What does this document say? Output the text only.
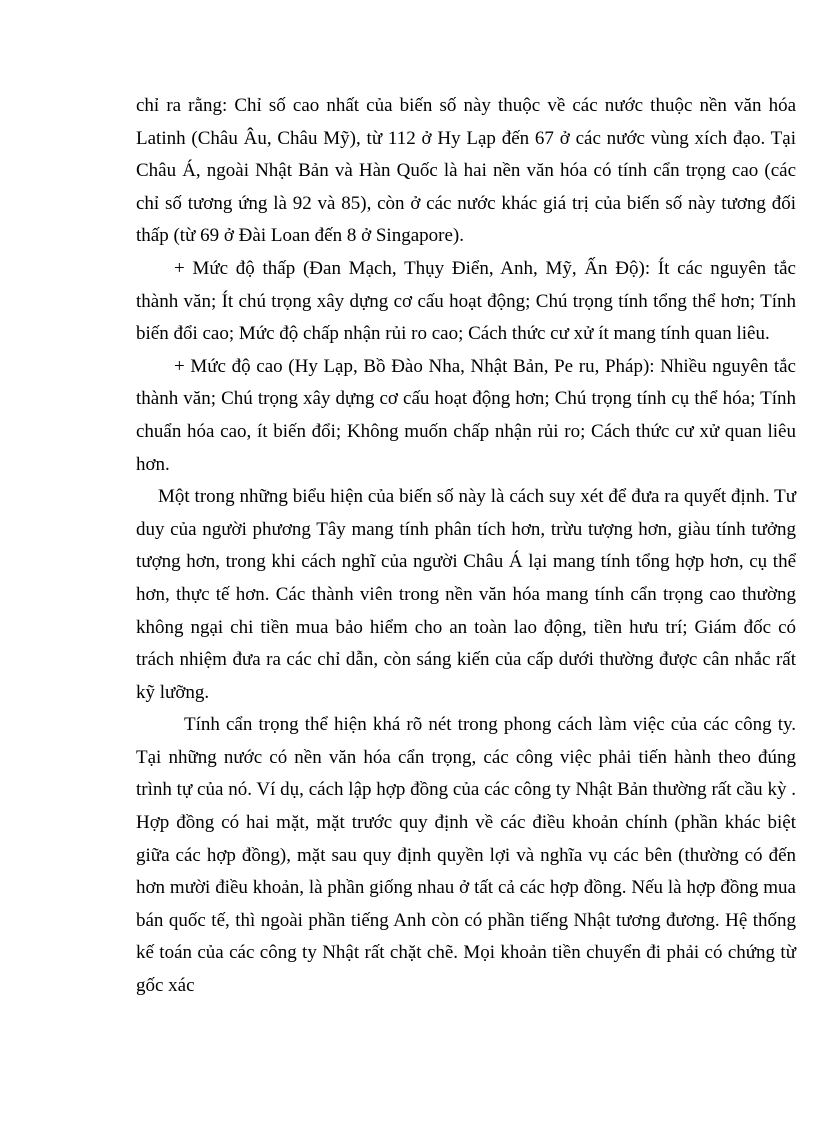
chỉ ra rằng: Chỉ số cao nhất của biến số này thuộc về các nước thuộc nền văn hóa Latinh (Châu Âu, Châu Mỹ), từ 112 ở Hy Lạp đến 67 ở các nước vùng xích đạo. Tại Châu Á, ngoài Nhật Bản và Hàn Quốc là hai nền văn hóa có tính cẩn trọng cao (các chỉ số tương ứng là 92 và 85), còn ở các nước khác giá trị của biến số này tương đối thấp (từ 69 ở Đài Loan đến 8 ở Singapore).

+ Mức độ thấp (Đan Mạch, Thụy Điển, Anh, Mỹ, Ấn Độ): Ít các nguyên tắc thành văn; Ít chú trọng xây dựng cơ cấu hoạt động; Chú trọng tính tổng thể hơn; Tính biến đổi cao; Mức độ chấp nhận rủi ro cao; Cách thức cư xử ít mang tính quan liêu.

+ Mức độ cao (Hy Lạp, Bồ Đào Nha, Nhật Bản, Pe ru, Pháp): Nhiều nguyên tắc thành văn; Chú trọng xây dựng cơ cấu hoạt động hơn; Chú trọng tính cụ thể hóa; Tính chuẩn hóa cao, ít biến đổi; Không muốn chấp nhận rủi ro; Cách thức cư xử quan liêu hơn.

Một trong những biểu hiện của biến số này là cách suy xét để đưa ra quyết định. Tư duy của người phương Tây mang tính phân tích hơn, trừu tượng hơn, giàu tính tưởng tượng hơn, trong khi cách nghĩ của người Châu Á lại mang tính tổng hợp hơn, cụ thể hơn, thực tế hơn. Các thành viên trong nền văn hóa mang tính cẩn trọng cao thường không ngại chi tiền mua bảo hiểm cho an toàn lao động, tiền hưu trí; Giám đốc có trách nhiệm đưa ra các chỉ dẫn, còn sáng kiến của cấp dưới thường được cân nhắc rất kỹ lưỡng.

Tính cẩn trọng thể hiện khá rõ nét trong phong cách làm việc của các công ty. Tại những nước có nền văn hóa cẩn trọng, các công việc phải tiến hành theo đúng trình tự của nó. Ví dụ, cách lập hợp đồng của các công ty Nhật Bản thường rất cầu kỳ . Hợp đồng có hai mặt, mặt trước quy định về các điều khoản chính (phần khác biệt giữa các hợp đồng), mặt sau quy định quyền lợi và nghĩa vụ các bên (thường có đến hơn mười điều khoản, là phần giống nhau ở tất cả các hợp đồng. Nếu là hợp đồng mua bán quốc tế, thì ngoài phần tiếng Anh còn có phần tiếng Nhật tương đương. Hệ thống kế toán của các công ty Nhật rất chặt chẽ. Mọi khoản tiền chuyển đi phải có chứng từ gốc xác
